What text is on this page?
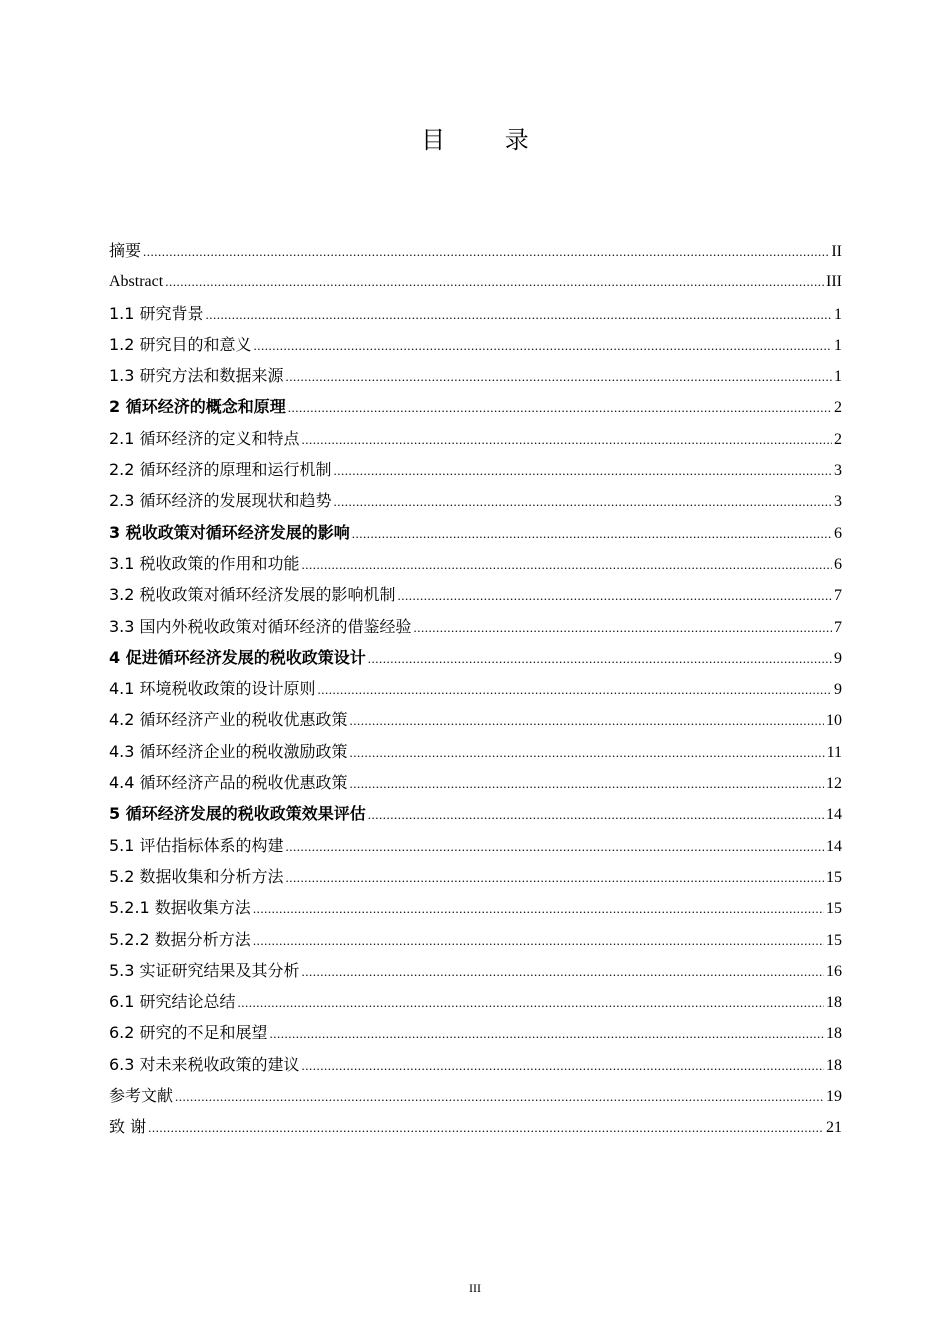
目 录
摘要 .....	II
Abstract .....	III
1.1 研究背景 .....	1
1.2 研究目的和意义 .....	1
1.3 研究方法和数据来源 .....	1
2 循环经济的概念和原理 .....	2
2.1 循环经济的定义和特点 .....	2
2.2 循环经济的原理和运行机制 .....	3
2.3 循环经济的发展现状和趋势 .....	3
3 税收政策对循环经济发展的影响 .....	6
3.1 税收政策的作用和功能 .....	6
3.2 税收政策对循环经济发展的影响机制 .....	7
3.3 国内外税收政策对循环经济的借鉴经验 .....	7
4 促进循环经济发展的税收政策设计 .....	9
4.1 环境税收政策的设计原则 .....	9
4.2 循环经济产业的税收优惠政策 .....	10
4.3 循环经济企业的税收激励政策 .....	11
4.4 循环经济产品的税收优惠政策 .....	12
5 循环经济发展的税收政策效果评估 .....	14
5.1 评估指标体系的构建 .....	14
5.2 数据收集和分析方法 .....	15
5.2.1 数据收集方法 .....	15
5.2.2 数据分析方法 .....	15
5.3 实证研究结果及其分析 .....	16
6.1 研究结论总结 .....	18
6.2 研究的不足和展望 .....	18
6.3 对未来税收政策的建议 .....	18
参考文献 .....	19
致 谢 .....	21
III
